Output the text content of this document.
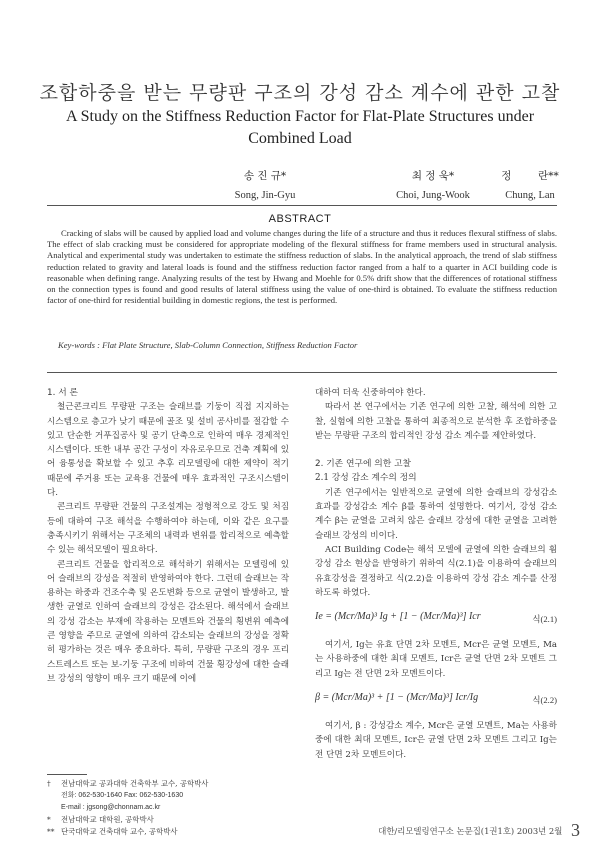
조합하중을 받는 무량판 구조의 강성 감소 계수에 관한 고찰
A Study on the Stiffness Reduction Factor for Flat-Plate Structures under Combined Load
송 진 규*
Song, Jin-Gyu
최 정 욱*
Choi, Jung-Wook
정        란**
Chung, Lan
ABSTRACT
Cracking of slabs will be caused by applied load and volume changes during the life of a structure and thus it reduces flexural stiffness of slabs. The effect of slab cracking must be considered for appropriate modeling of the flexural stiffness for frame members used in structural analysis. Analytical and experimental study was undertaken to estimate the stiffness reduction of slabs. In the analytical approach, the trend of slab stiffness reduction related to gravity and lateral loads is found and the stiffness reduction factor ranged from a half to a quarter in ACI building code is reasonable when defining range. Analyzing results of the test by Hwang and Moehle for 0.5% drift show that the differences of rotational stiffness on the connection types is found and good results of lateral stiffness using the value of one-third is obtained. To evaluate the stiffness reduction factor of one-third for residential building in domestic regions, the test is performed.
Key-words : Flat Plate Structure, Slab-Column Connection, Stiffness Reduction Factor

1. 서 론

철근콘크리트 무량판 구조는 슬래브를 기둥이 직접 지지하는 시스템으로 층고가 낮기 때문에 골조 및 설비 공사비를 절감할 수 있고 단순한 거푸집공사 및 공기 단축으로 인하여 매우 경제적인 시스템이다. 또한 내부 공간 구성이 자유로우므로 건축 계획에 있어 융통성을 확보할 수 있고 추후 리모델링에 대한 제약이 적기 때문에 주거용 또는 교육용 건물에 매우 효과적인 구조시스템이다.

콘크리트 무량판 건물의 구조설계는 정형적으로 강도 및 처짐 등에 대하여 구조 해석을 수행하여야 하는데, 이와 같은 요구를 충족시키기 위해서는 구조체의 내력과 변위를 합리적으로 예측할 수 있는 해석모델이 필요하다.

콘크리트 건물을 합리적으로 해석하기 위해서는 모델링에 있어 슬래브의 강성을 적절히 반영하여야 한다. 그런데 슬래브는 작용하는 하중과 건조수축 및 온도변화 등으로 균열이 발생하고, 발생한 균열로 인하여 슬래브의 강성은 감소된다. 해석에서 슬래브의 강성 감소는 부재에 작용하는 모멘트와 건물의 횡변위 예측에 큰 영향을 주므로 균열에 의하여 감소되는 슬래브의 강성을 정확히 평가하는 것은 매우 중요하다. 특히, 무량판 구조의 경우 프리스트레스트 또는 보-기둥 구조에 비하여 건물 횡강성에 대한 슬래브 강성의 영향이 매우 크기 때문에 이에

대하여 더욱 신중하여야 한다.

따라서 본 연구에서는 기존 연구에 의한 고찰, 해석에 의한 고찰, 실험에 의한 고찰을 통하여 최종적으로 분석한 후 조합하중을 받는 무량판 구조의 합리적인 강성 감소 계수를 제안하였다.

2. 기존 연구에 의한 고찰

2.1 강성 감소 계수의 정의

기존 연구에서는 일반적으로 균열에 의한 슬래브의 강성감소 효과를 강성감소 계수 β를 통하여 설명한다. 여기서, 강성 감소 계수 β는 균열을 고려치 않은 슬래브 강성에 대한 균열을 고려한 슬래브 강성의 비이다.

ACI Building Code는 해석 모델에 균열에 의한 슬래브의 휨 강성 감소 현상을 반영하기 위하여 식(2.1)을 이용하여 슬래브의 유효강성을 결정하고 식(2.2)을 이용하여 강성 감소 계수를 산정하도록 하였다.

Ie = (Mcr/Ma)³ Ig + [1 − (Mcr/Ma)³] Icr	식(2.1)

여기서, Ig는 유효 단면 2차 모멘트, Mcr은 균열 모멘트, Ma는 사용하중에 대한 최대 모멘트, Icr은 균열 단면 2차 모멘트 그리고 Ig는 전 단면 2차 모멘트이다.

β = (Mcr/Ma)³ + [1 − (Mcr/Ma)³] Icr/Ig	식(2.2)

여기서, β : 강성감소 계수, Mcr은 균열 모멘트, Ma는 사용하중에 대한 최대 모멘트, Icr은 균열 단면 2차 모멘트 그리고 Ig는 전 단면 2차 모멘트이다.

†	전남대학교 공과대학 건축학부 교수, 공학박사
전화: 062-530-1640 Fax: 062-530-1630
E-mail : jgsong@chonnam.ac.kr
*	전남대학교 대학원, 공학박사
** 단국대학교 건축대학 교수, 공학박사	대한/리모델링연구소 논문집(1권1호) 2003년 2월 3
